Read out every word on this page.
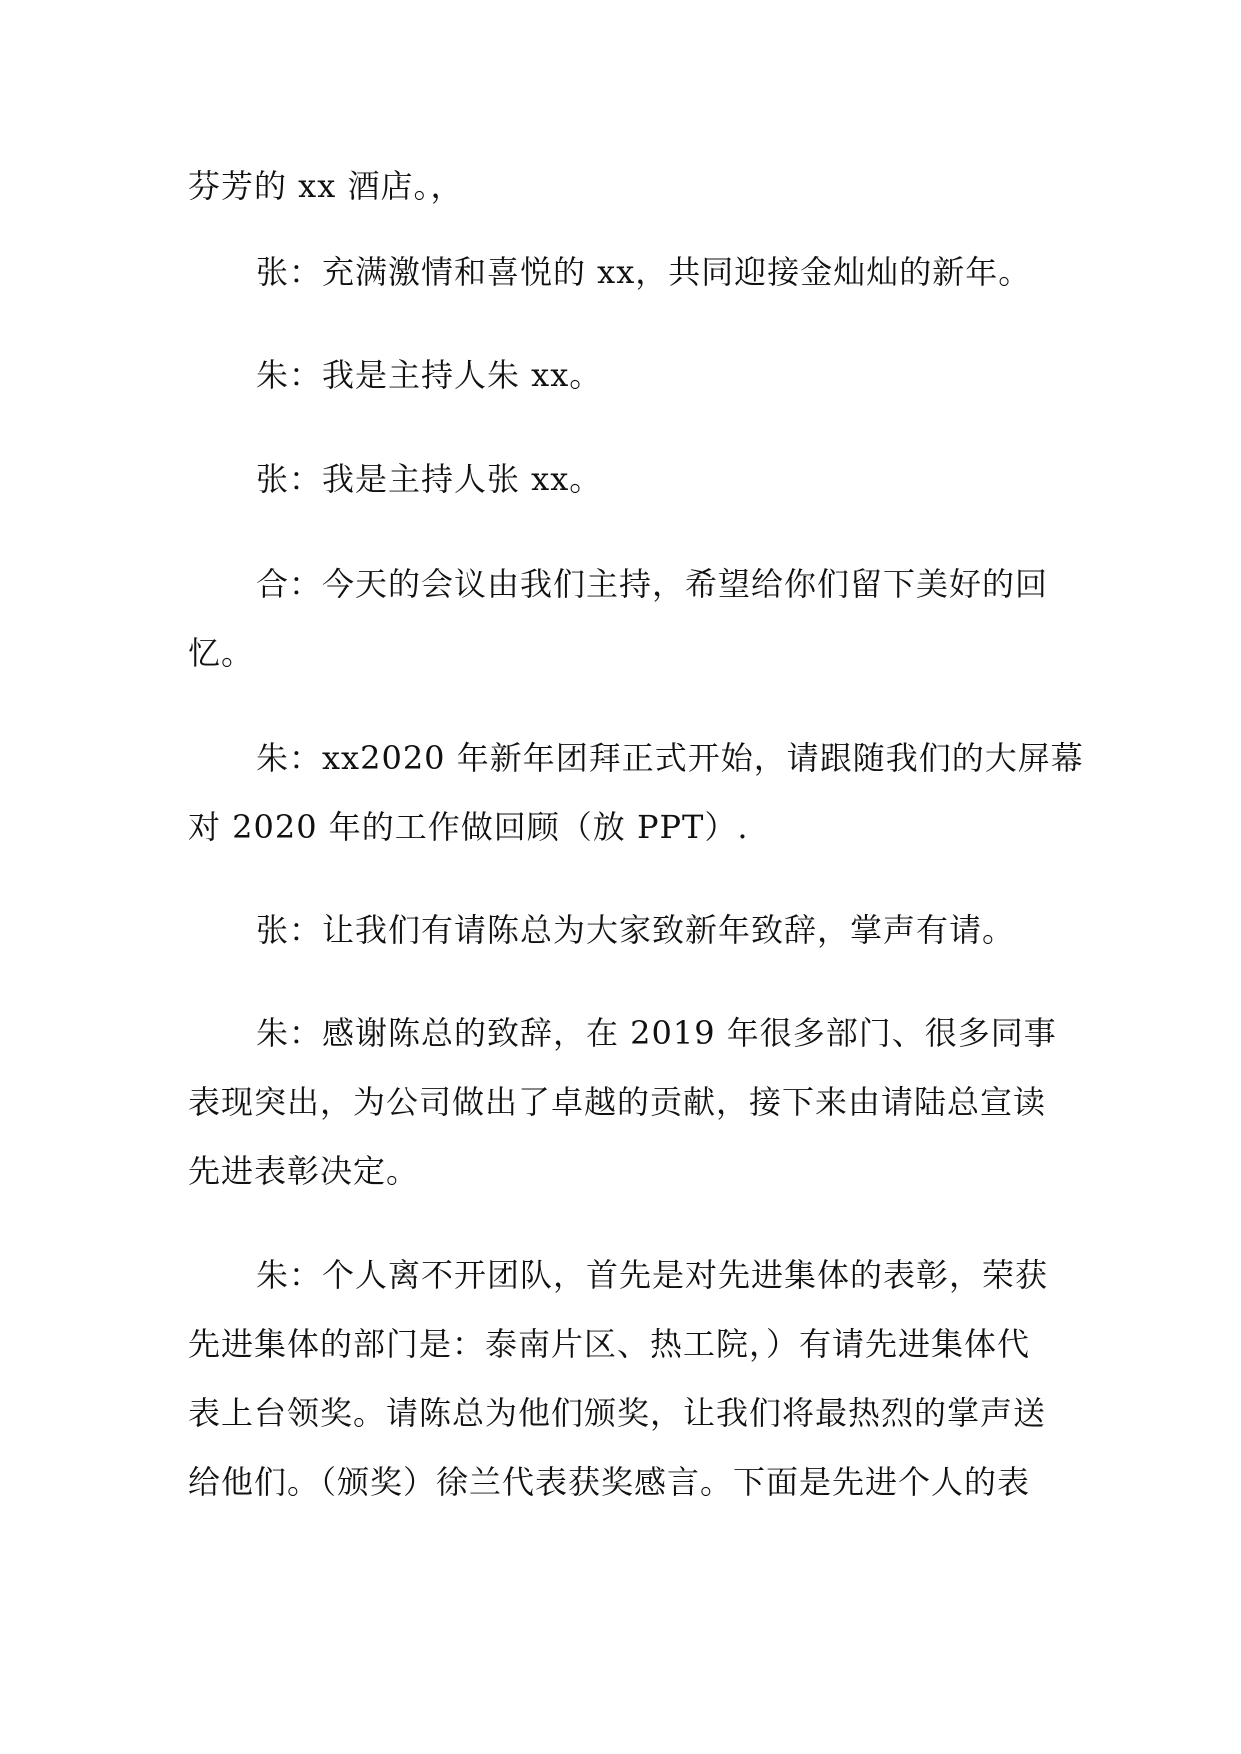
芬芳的 xx 酒店。，

张：充满激情和喜悦的 xx，共同迎接金灿灿的新年。

朱：我是主持人朱 xx。

张：我是主持人张 xx。

合：今天的会议由我们主持，希望给你们留下美好的回
忆。

朱：xx2020 年新年团拜正式开始，请跟随我们的大屏幕
对 2020 年的工作做回顾（放 PPT）.

张：让我们有请陈总为大家致新年致辞，掌声有请。

朱：感谢陈总的致辞，在 2019 年很多部门、很多同事
表现突出，为公司做出了卓越的贡献，接下来由请陆总宣读
先进表彰决定。

朱：个人离不开团队，首先是对先进集体的表彰，荣获
先进集体的部门是：泰南片区、热工院，）有请先进集体代
表上台领奖。请陈总为他们颁奖，让我们将最热烈的掌声送
给他们。（颁奖）徐兰代表获奖感言。下面是先进个人的表
